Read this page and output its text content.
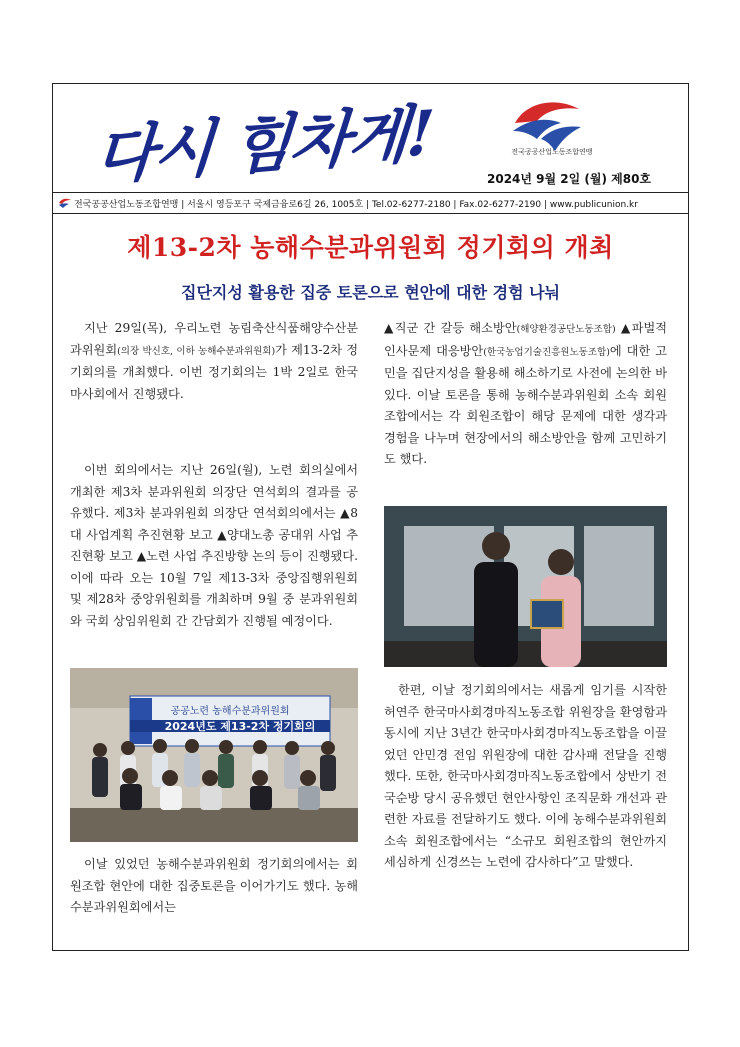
다시 힘차게!	전국공공산업노동조합연맹
2024년 9월 2일 (월) 제80호
전국공공산업노동조합연맹 | 서울시 영등포구 국제금융로6길 26, 1005호 | Tel.02-6277-2180 | Fax.02-6277-2190 | www.publicunion.kr
제13-2차 농해수분과위원회 정기회의 개최
집단지성 활용한 집중 토론으로 현안에 대한 경험 나눠

지난 29일(목), 우리노련 농림축산식품해양수산분과위원회(의장 박신호, 이하 농해수분과위원회)가 제13-2차 정기회의를 개최했다. 이번 정기회의는 1박 2일로 한국마사회에서 진행됐다.

이번 회의에서는 지난 26일(월), 노련 회의실에서 개최한 제3차 분과위원회 의장단 연석회의 결과를 공유했다. 제3차 분과위원회 의장단 연석회의에서는 ▲8대 사업계획 추진현황 보고 ▲양대노총 공대위 사업 추진현황 보고 ▲노련 사업 추진방향 논의 등이 진행됐다. 이에 따라 오는 10월 7일 제13-3차 중앙집행위원회 및 제28차 중앙위원회를 개최하며 9월 중 분과위원회와 국회 상임위원회 간 간담회가 진행될 예정이다.

공공노련 농해수분과위원회
2024년도 제13-2차 정기회의

이날 있었던 농해수분과위원회 정기회의에서는 회원조합 현안에 대한 집중토론을 이어가기도 했다. 농해수분과위원회에서는

▲직군 간 갈등 해소방안(해양환경공단노동조합) ▲파벌적 인사문제 대응방안(한국농업기술진흥원노동조합)에 대한 고민을 집단지성을 활용해 해소하기로 사전에 논의한 바 있다. 이날 토론을 통해 농해수분과위원회 소속 회원조합에서는 각 회원조합이 해당 문제에 대한 생각과 경험을 나누며 현장에서의 해소방안을 함께 고민하기도 했다.

한편, 이날 정기회의에서는 새롭게 임기를 시작한 허연주 한국마사회경마직노동조합 위원장을 환영함과 동시에 지난 3년간 한국마사회경마직노동조합을 이끌었던 안민경 전임 위원장에 대한 감사패 전달을 진행했다. 또한, 한국마사회경마직노동조합에서 상반기 전국순방 당시 공유했던 현안사항인 조직문화 개선과 관련한 자료를 전달하기도 했다. 이에 농해수분과위원회 소속 회원조합에서는 “소규모 회원조합의 현안까지 세심하게 신경쓰는 노련에 감사하다”고 말했다.
